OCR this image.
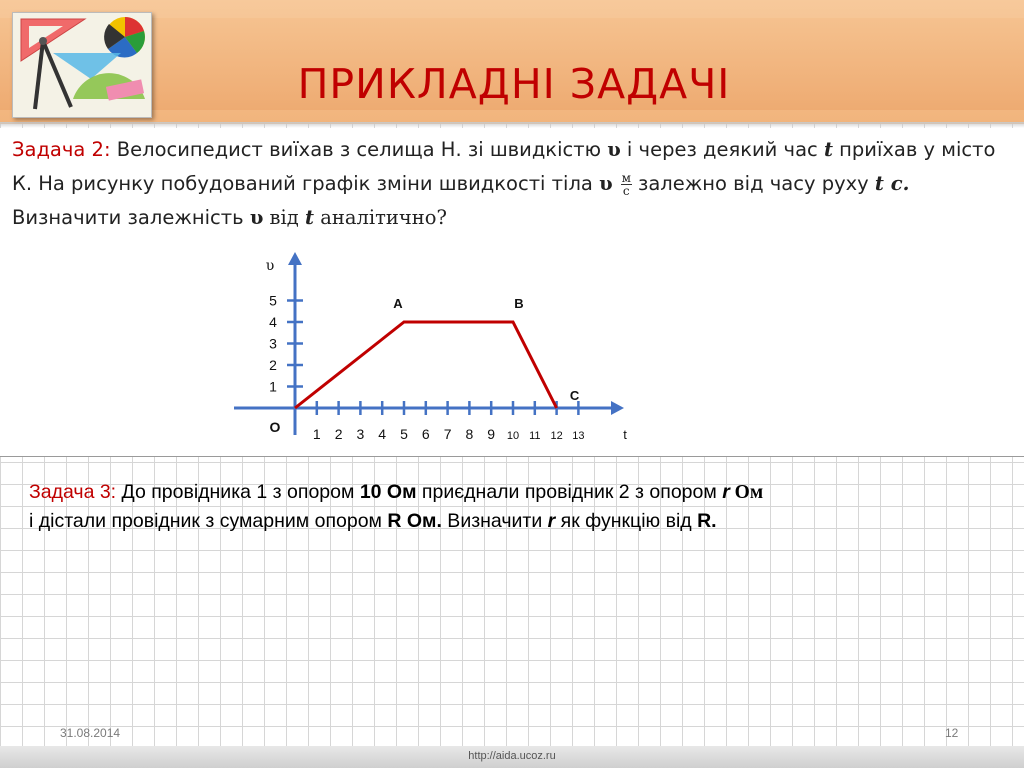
ПРИКЛАДНІ ЗАДАЧІ
Задача 2: Велосипедист виїхав з селища Н. зі швидкістю υ і через деякий час t приїхав у місто К. На рисунку побудований графік зміни швидкості тіла υ $\frac{м}{с}$ залежно від часу руху t с.
Визначити залежність υ від t аналітично?
1 2 3 4 5 6 7 8 9 10 11 12 13
1
2
3
4
5	A	B
C
υ
t
O
Задача 3: До провідника 1 з опором 10 Ом приєднали провідник 2 з опором r Ом
і дістали провідник з сумарним опором R Ом. Визначити r як функцію від R.
31.08.2014	12
http://aida.ucoz.ru
